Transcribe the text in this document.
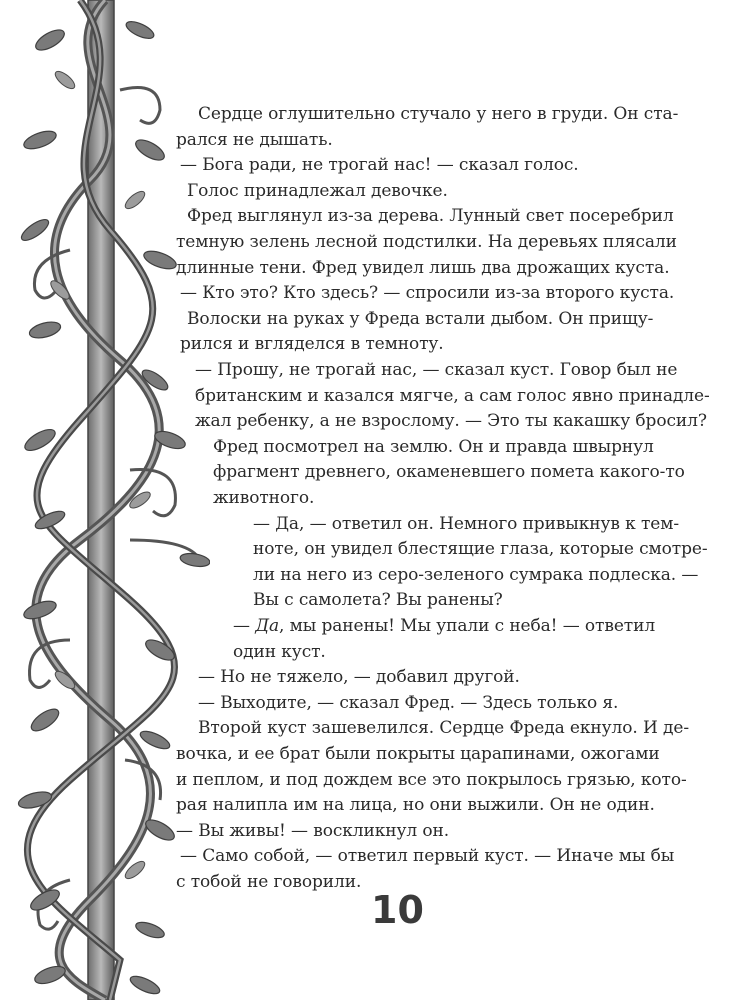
Сердце оглушительно стучало у него в груди. Он ста-
рался не дышать.
— Бога ради, не трогай нас! — сказал голос.
Голос принадлежал девочке.
Фред выглянул из-за дерева. Лунный свет посеребрил
темную зелень лесной подстилки. На деревьях плясали
длинные тени. Фред увидел лишь два дрожащих куста.
— Кто это? Кто здесь? — спросили из-за второго куста.
Волоски на руках у Фреда встали дыбом. Он прищу-
рился и вгляделся в темноту.
— Прошу, не трогай нас, — сказал куст. Говор был не
британским и казался мягче, а сам голос явно принадле-
жал ребенку, а не взрослому. — Это ты какашку бросил?
Фред посмотрел на землю. Он и правда швырнул
фрагмент древнего, окаменевшего помета какого-то
животного.
— Да, — ответил он. Немного привыкнув к тем-
ноте, он увидел блестящие глаза, которые смотре-
ли на него из серо-зеленого сумрака подлеска. —
Вы с самолета? Вы ранены?
— Да, мы ранены! Мы упали с неба! — ответил
один куст.
— Но не тяжело, — добавил другой.
— Выходите, — сказал Фред. — Здесь только я.
Второй куст зашевелился. Сердце Фреда екнуло. И де-
вочка, и ее брат были покрыты царапинами, ожогами
и пеплом, и под дождем все это покрылось грязью, кото-
рая налипла им на лица, но они выжили. Он не один.
— Вы живы! — воскликнул он.
— Само собой, — ответил первый куст. — Иначе мы бы
с тобой не говорили.
10
